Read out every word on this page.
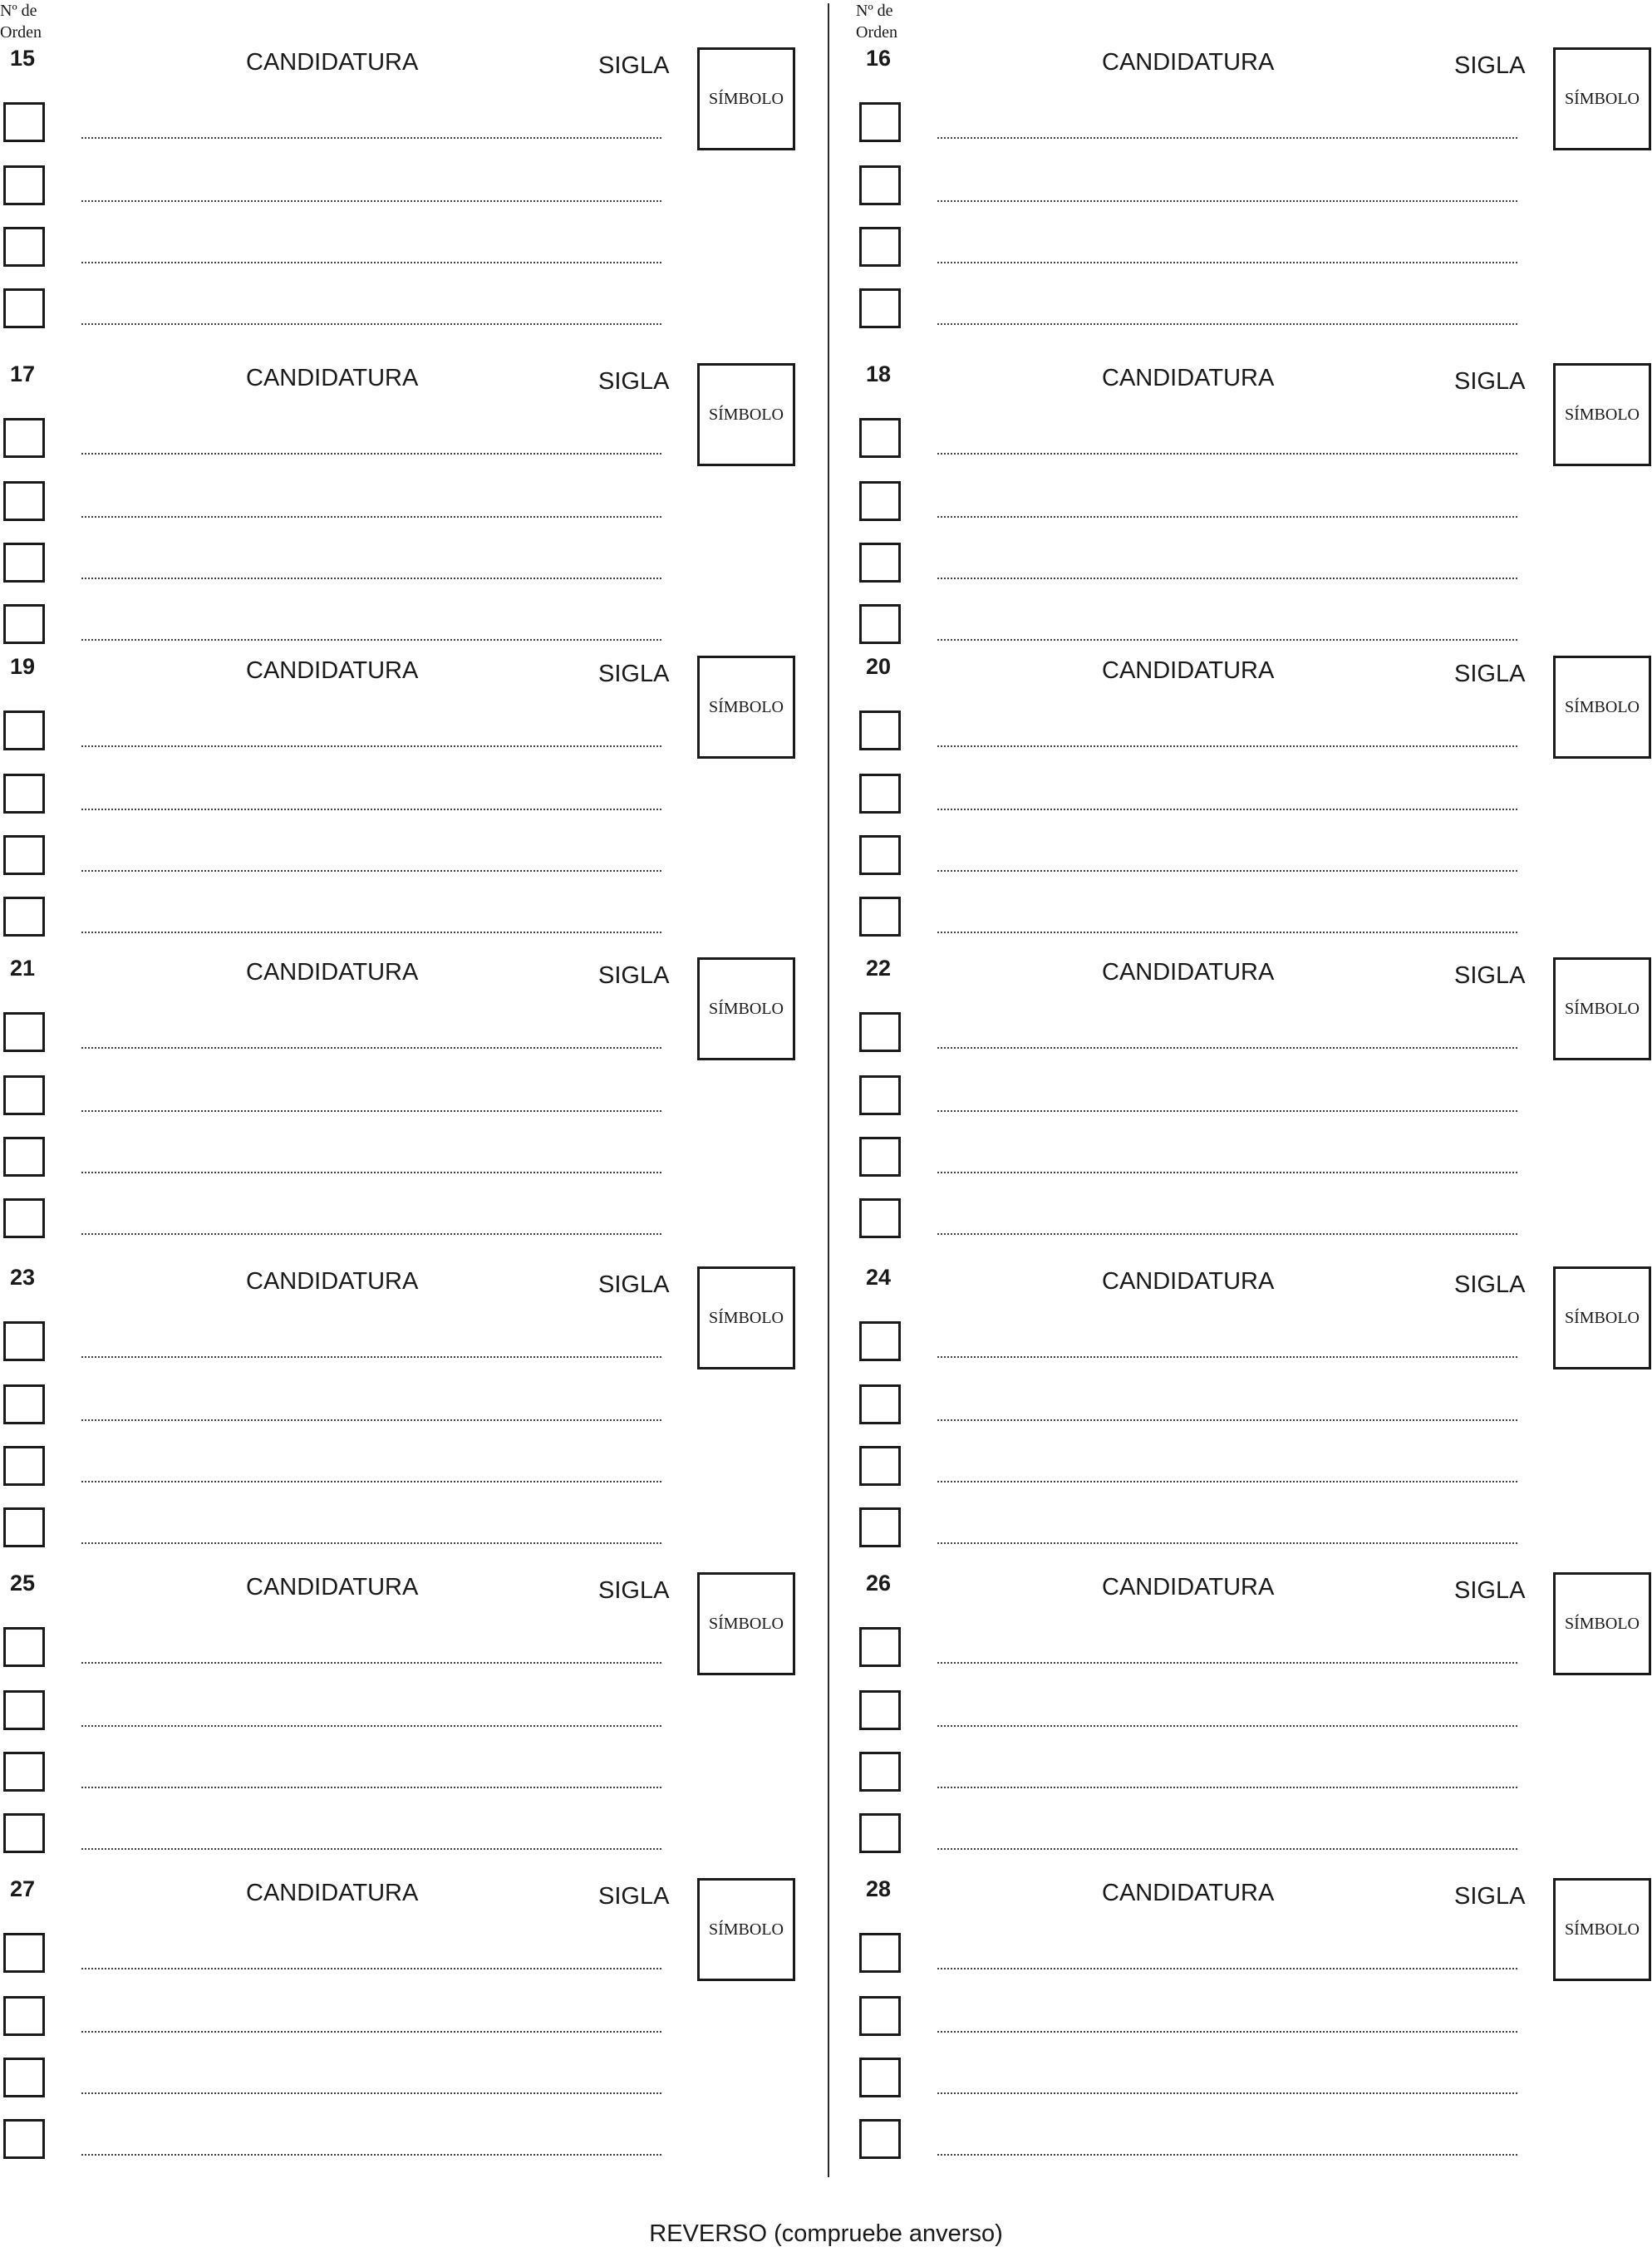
Nº de
Orden
15	CANDIDATURA	SIGLA
SÍMBOLO
17	CANDIDATURA	SIGLA
SÍMBOLO
19	CANDIDATURA	SIGLA
SÍMBOLO
21	CANDIDATURA	SIGLA
SÍMBOLO
23	CANDIDATURA	SIGLA
SÍMBOLO
25	CANDIDATURA	SIGLA
SÍMBOLO
27	CANDIDATURA	SIGLA
SÍMBOLO
Nº de
Orden
16	CANDIDATURA	SIGLA
SÍMBOLO
18	CANDIDATURA	SIGLA
SÍMBOLO
20	CANDIDATURA	SIGLA
SÍMBOLO
22	CANDIDATURA	SIGLA
SÍMBOLO
24	CANDIDATURA	SIGLA
SÍMBOLO
26	CANDIDATURA	SIGLA
SÍMBOLO
28	CANDIDATURA	SIGLA
SÍMBOLO
REVERSO (compruebe anverso)
